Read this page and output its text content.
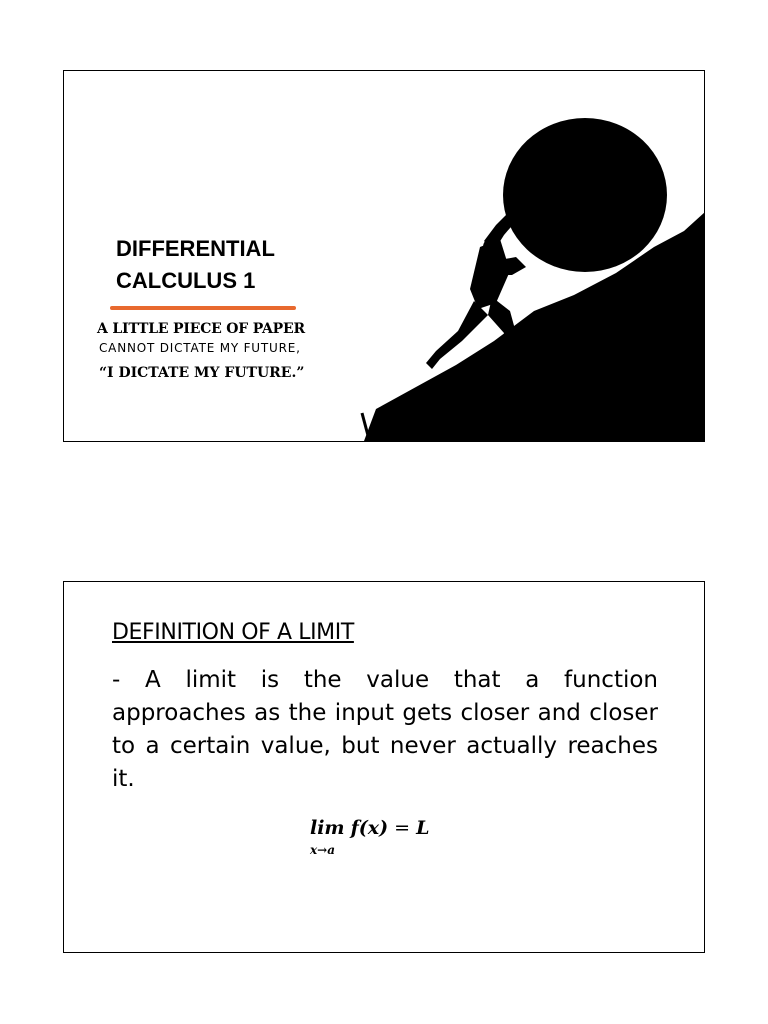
DIFFERENTIAL
CALCULUS 1
A LITTLE PIECE OF PAPER
CANNOT DICTATE MY FUTURE,
“I DICTATE MY FUTURE.”
DEFINITION OF A LIMIT
- A limit is the value that a function approaches as the input gets closer and closer to a certain value, but never actually reaches it.
lim
x→a
f(x) = L
